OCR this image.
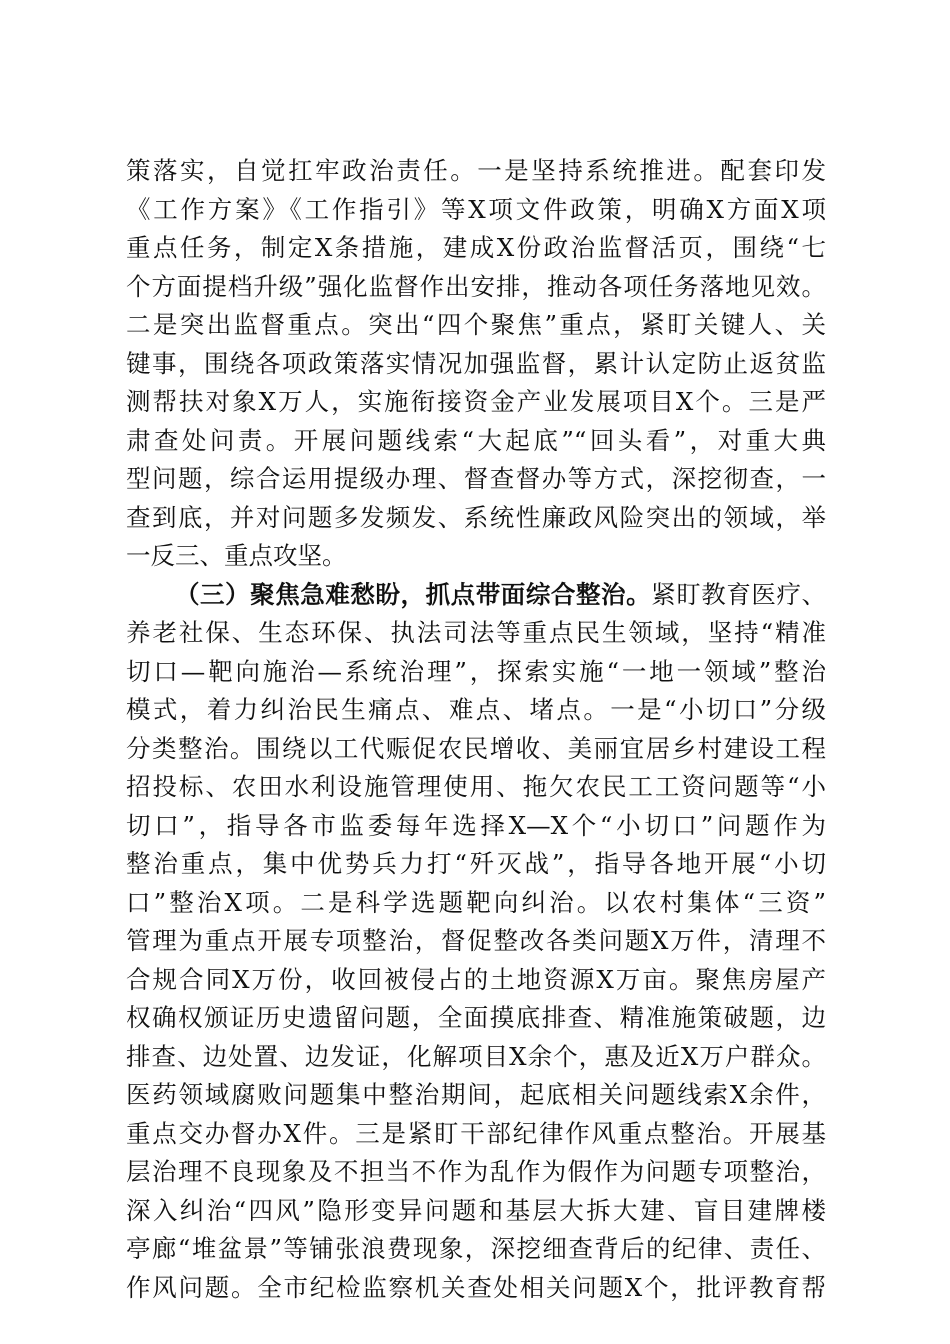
策落实，自觉扛牢政治责任。一是坚持系统推进。配套印发
《工作方案》《工作指引》等X项文件政策，明确X方面X项
重点任务，制定X条措施，建成X份政治监督活页，围绕“七
个方面提档升级”强化监督作出安排，推动各项任务落地见效。
二是突出监督重点。突出“四个聚焦”重点，紧盯关键人、关
键事，围绕各项政策落实情况加强监督，累计认定防止返贫监
测帮扶对象X万人，实施衔接资金产业发展项目X个。三是严
肃查处问责。开展问题线索“大起底”“回头看”，对重大典
型问题，综合运用提级办理、督查督办等方式，深挖彻查，一
查到底，并对问题多发频发、系统性廉政风险突出的领域，举
一反三、重点攻坚。
（三）聚焦急难愁盼，抓点带面综合整治。紧盯教育医疗、
养老社保、生态环保、执法司法等重点民生领域，坚持“精准
切口—靶向施治—系统治理”，探索实施“一地一领域”整治
模式，着力纠治民生痛点、难点、堵点。一是“小切口”分级
分类整治。围绕以工代赈促农民增收、美丽宜居乡村建设工程
招投标、农田水利设施管理使用、拖欠农民工工资问题等“小
切口”，指导各市监委每年选择X—X个“小切口”问题作为
整治重点，集中优势兵力打“歼灭战”，指导各地开展“小切
口”整治X项。二是科学选题靶向纠治。以农村集体“三资”
管理为重点开展专项整治，督促整改各类问题X万件，清理不
合规合同X万份，收回被侵占的土地资源X万亩。聚焦房屋产
权确权颁证历史遗留问题，全面摸底排查、精准施策破题，边
排查、边处置、边发证，化解项目X余个，惠及近X万户群众。
医药领域腐败问题集中整治期间，起底相关问题线索X余件，
重点交办督办X件。三是紧盯干部纪律作风重点整治。开展基
层治理不良现象及不担当不作为乱作为假作为问题专项整治，
深入纠治“四风”隐形变异问题和基层大拆大建、盲目建牌楼
亭廊“堆盆景”等铺张浪费现象，深挖细查背后的纪律、责任、
作风问题。全市纪检监察机关查处相关问题X个，批评教育帮
